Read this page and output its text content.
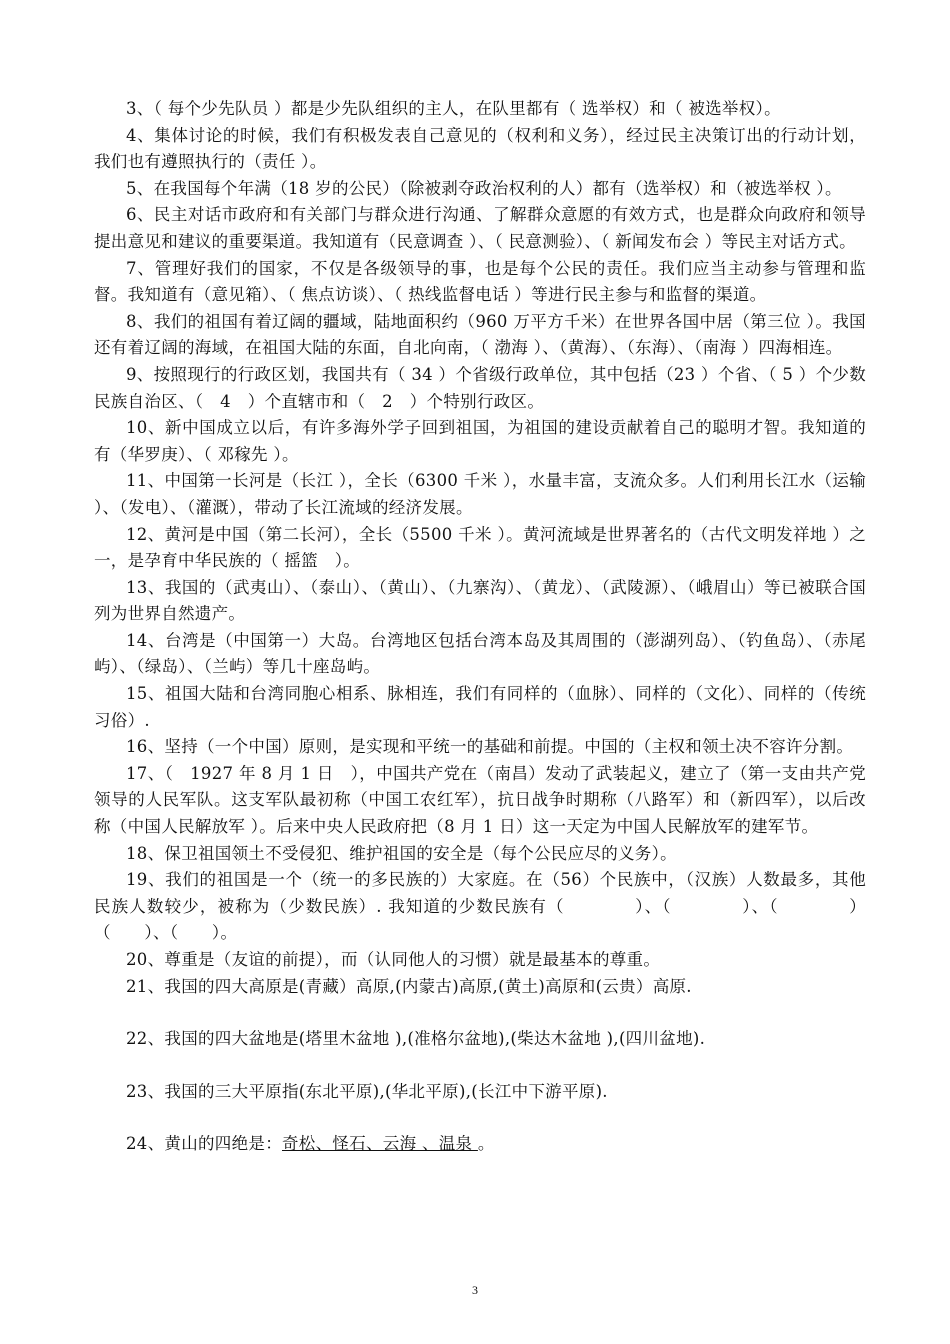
3、（ 每个少先队员 ）都是少先队组织的主人，在队里都有（ 选举权）和（ 被选举权）。

4、集体讨论的时候，我们有积极发表自己意见的（权利和义务），经过民主决策订出的行动计划，我们也有遵照执行的（责任 ）。

5、在我国每个年满（18 岁的公民）（除被剥夺政治权利的人）都有（选举权）和（被选举权 ）。

6、民主对话市政府和有关部门与群众进行沟通、了解群众意愿的有效方式，也是群众向政府和领导提出意见和建议的重要渠道。我知道有（民意调查 ）、（ 民意测验）、（ 新闻发布会 ）等民主对话方式。

7、管理好我们的国家，不仅是各级领导的事，也是每个公民的责任。我们应当主动参与管理和监督。我知道有（意见箱）、（ 焦点访谈）、（ 热线监督电话 ）等进行民主参与和监督的渠道。

8、我们的祖国有着辽阔的疆域，陆地面积约（960 万平方千米）在世界各国中居（第三位 ）。我国还有着辽阔的海域，在祖国大陆的东面，自北向南，（ 渤海 ）、（黄海）、（东海）、（南海 ）四海相连。

9、按照现行的行政区划，我国共有（ 34 ）个省级行政单位，其中包括（23 ）个省、（ 5 ）个少数民族自治区、（　4　）个直辖市和（　2　）个特别行政区。

10、新中国成立以后，有许多海外学子回到祖国，为祖国的建设贡献着自己的聪明才智。我知道的有（华罗庚）、（ 邓稼先 ）。

11、中国第一长河是（长江 ），全长（6300 千米 ），水量丰富，支流众多。人们利用长江水（运输 ）、（发电）、（灌溉），带动了长江流域的经济发展。

12、黄河是中国（第二长河），全长（5500 千米 ）。黄河流域是世界著名的（古代文明发祥地 ）之一，是孕育中华民族的（ 摇篮　）。

13、我国的（武夷山）、（泰山）、（黄山）、（九寨沟）、（黄龙）、（武陵源）、（峨眉山）等已被联合国列为世界自然遗产。

14、台湾是（中国第一）大岛。台湾地区包括台湾本岛及其周围的（澎湖列岛）、（钓鱼岛）、（赤尾屿）、（绿岛）、（兰屿）等几十座岛屿。

15、祖国大陆和台湾同胞心相系、脉相连，我们有同样的（血脉）、同样的（文化）、同样的（传统习俗）.

16、坚持（一个中国）原则，是实现和平统一的基础和前提。中国的（主权和领土决不容许分割。

17、（　1927 年 8 月 1 日　），中国共产党在（南昌）发动了武装起义，建立了（第一支由共产党领导的人民军队。这支军队最初称（中国工农红军），抗日战争时期称（八路军）和（新四军），以后改称（中国人民解放军 ）。后来中央人民政府把（8 月 1 日）这一天定为中国人民解放军的建军节。

18、保卫祖国领土不受侵犯、维护祖国的安全是（每个公民应尽的义务）。

19、我们的祖国是一个（统一的多民族的）大家庭。在（56）个民族中，（汉族）人数最多，其他民族人数较少，被称为（少数民族）. 我知道的少数民族有（　　　　）、（　　　　）、（　　　　）（　　）、（　　）。

20、尊重是（友谊的前提），而（认同他人的习惯）就是最基本的尊重。

21、我国的四大高原是(青藏）高原,(内蒙古)高原,(黄土)高原和(云贵）高原.

22、我国的四大盆地是(塔里木盆地 ),(准格尔盆地),(柴达木盆地 ),(四川盆地).

23、我国的三大平原指(东北平原),(华北平原),(长江中下游平原).

24、黄山的四绝是：奇松、怪石、云海 、温泉 。

3
